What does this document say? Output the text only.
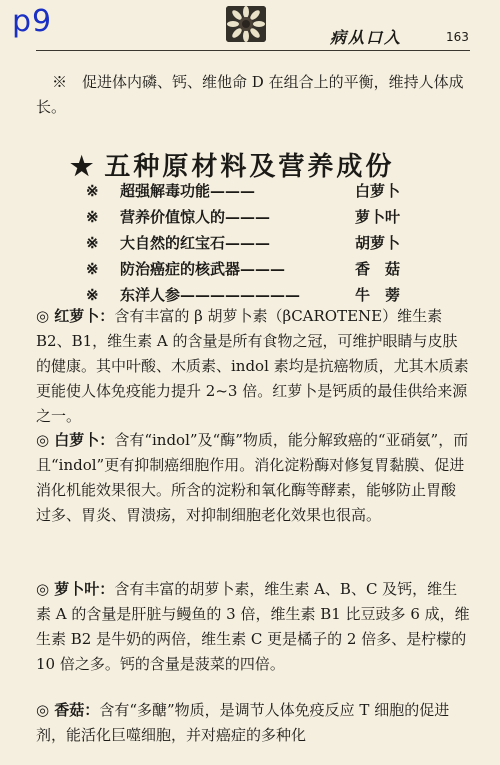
p9	病从口入	163
※　促进体内磷、钙、维他命 D 在组合上的平衡，维持人体成长。
★ 五种原材料及营养成份
※ 超强解毒功能———	白萝卜
※ 营养价值惊人的———	萝卜叶
※ 大自然的红宝石———	胡萝卜
※ 防治癌症的核武器———	香　菇
※ 东洋人参————————	牛　蒡
◎ 红萝卜：含有丰富的 β 胡萝卜素（βCAROTENE）维生素 B2、B1，维生素 A 的含量是所有食物之冠，可维护眼睛与皮肤的健康。其中叶酸、木质素、indol 素均是抗癌物质，尤其木质素更能使人体免疫能力提升 2~3 倍。红萝卜是钙质的最佳供给来源之一。
◎ 白萝卜：含有“indol”及“酶”物质，能分解致癌的“亚硝氨”，而且“indol”更有抑制癌细胞作用。消化淀粉酶对修复胃黏膜、促进消化机能效果很大。所含的淀粉和氧化酶等酵素，能够防止胃酸过多、胃炎、胃溃疡，对抑制细胞老化效果也很高。
◎ 萝卜叶：含有丰富的胡萝卜素，维生素 A、B、C 及钙，维生素 A 的含量是肝脏与鳗鱼的 3 倍，维生素 B1 比豆豉多 6 成，维生素 B2 是牛奶的两倍，维生素 C 更是橘子的 2 倍多、是柠檬的 10 倍之多。钙的含量是菠菜的四倍。
◎ 香菇：含有“多醣”物质，是调节人体免疫反应 T 细胞的促进剂，能活化巨噬细胞，并对癌症的多种化
